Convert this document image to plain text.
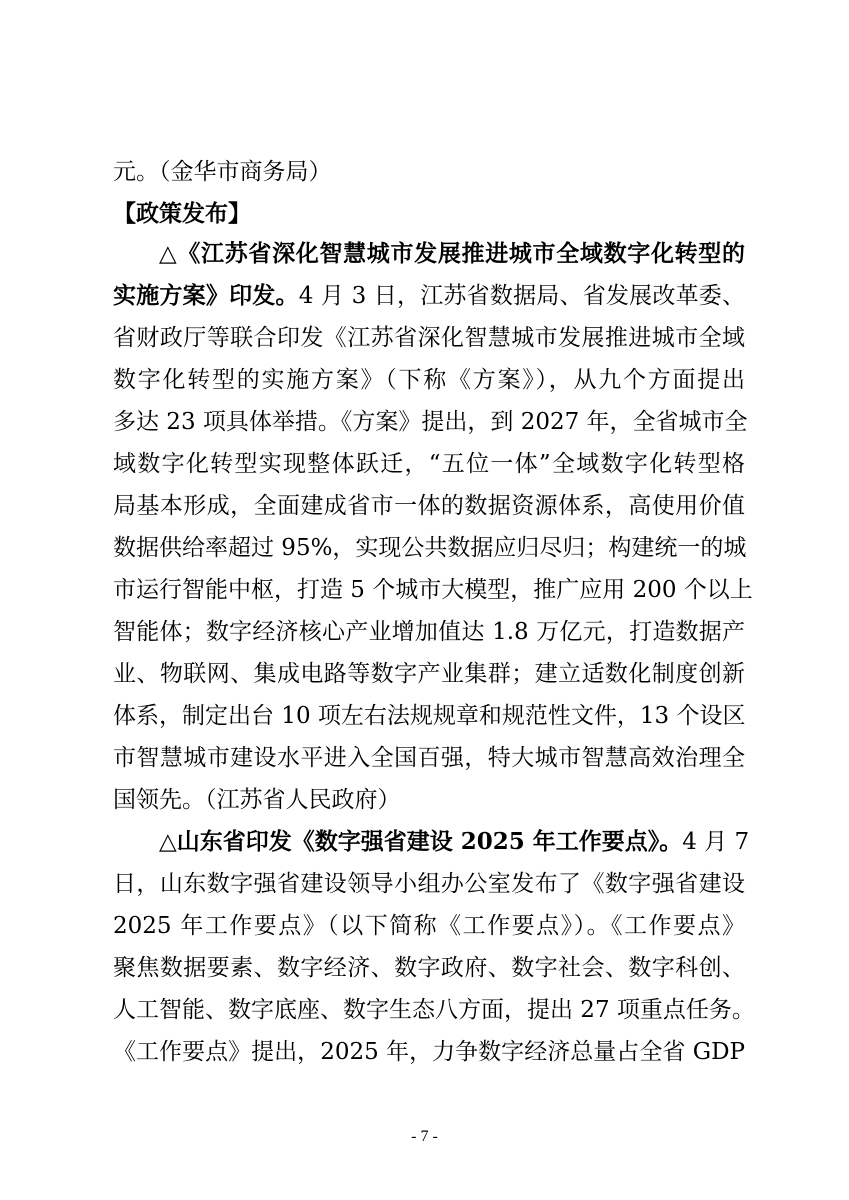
元。（金华市商务局）
【政策发布】
△《江苏省深化智慧城市发展推进城市全域数字化转型的
实施方案》印发。4 月 3 日，江苏省数据局、省发展改革委、
省财政厅等联合印发《江苏省深化智慧城市发展推进城市全域
数字化转型的实施方案》（下称《方案》），从九个方面提出
多达 23 项具体举措。《方案》提出，到 2027 年，全省城市全
域数字化转型实现整体跃迁，“五位一体”全域数字化转型格
局基本形成，全面建成省市一体的数据资源体系，高使用价值
数据供给率超过 95%，实现公共数据应归尽归；构建统一的城
市运行智能中枢，打造 5 个城市大模型，推广应用 200 个以上
智能体；数字经济核心产业增加值达 1.8 万亿元，打造数据产
业、物联网、集成电路等数字产业集群；建立适数化制度创新
体系，制定出台 10 项左右法规规章和规范性文件，13 个设区
市智慧城市建设水平进入全国百强，特大城市智慧高效治理全
国领先。（江苏省人民政府）
△山东省印发《数字强省建设 2025 年工作要点》。4 月 7
日，山东数字强省建设领导小组办公室发布了《数字强省建设
2025 年工作要点》（以下简称《工作要点》）。《工作要点》
聚焦数据要素、数字经济、数字政府、数字社会、数字科创、
人工智能、数字底座、数字生态八方面，提出 27 项重点任务。
《工作要点》提出，2025 年，力争数字经济总量占全省 GDP
- 7 -
